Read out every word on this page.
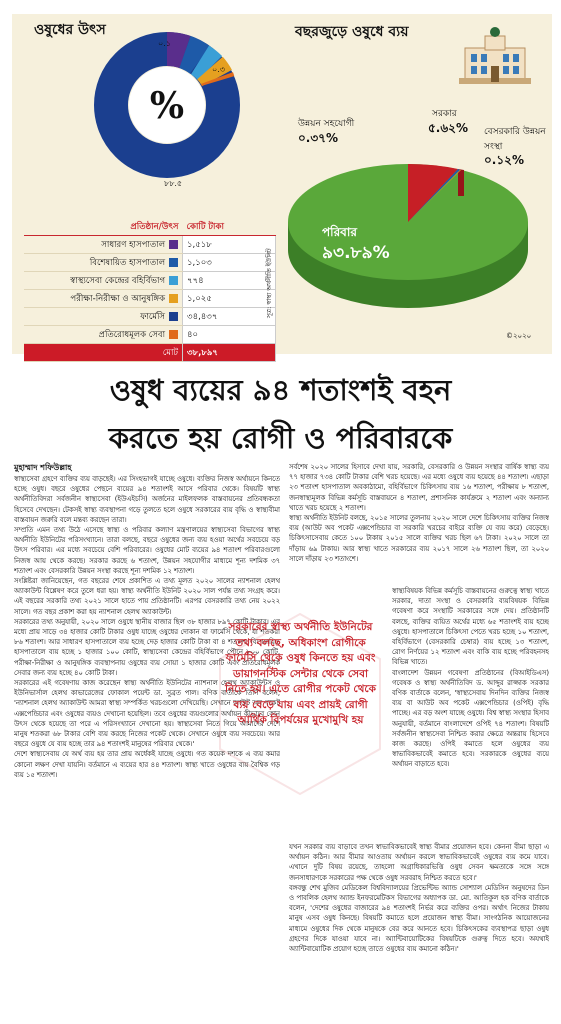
ওষুধের উৎস
%
০.১
০.৩
৮৮.৫
প্রতিষ্ঠান/উৎস	কোটি টাকা
সাধারণ হাসপাতাল	১,৫১৮
বিশেষায়িত হাসপাতাল	১,১০৩
স্বাস্থ্যসেবা কেন্দ্রের বহির্বিভাগ	৭৭৪
পরীক্ষা-নিরীক্ষা ও আনুষঙ্গিক	১,০২৫
ফার্মেসি	৩৪,৪৩৭
প্রতিরোধমূলক সেবা	৪০
মোট	৩৮,৮৯৭
সূত্র: স্বাস্থ্য অর্থনীতি ইউনিট
বছরজুড়ে ওষুধে ব্যয়
উন্নয়ন সহযোগী
০.৩৭%
সরকার
৫.৬২% বেসরকারি উন্নয়ন সংস্থা
০.১২%
পরিবার
৯৩.৮৯%
©২০২০
ওষুধ ব্যয়ের ৯৪ শতাংশই বহন
করতে হয় রোগী ও পরিবারকে
মুহাম্মাদ শফিউল্লাহ

স্বাস্থ্যসেবা গ্রহণে ব্যক্তির ব্যয় বাড়ছেই। এর সিংহভাগই যাচ্ছে ওষুধে। ব্যক্তির নিজস্ব অর্থায়নে কিনতে হচ্ছে ওষুধ। বছরে ওষুধের পেছনে ব্যয়ের ৯৪ শতাংশই আসে পরিবার থেকে। বিষয়টি স্বাস্থ্য অর্থনীতিবিদরা সর্বজনীন স্বাস্থ্যসেবা (ইউএইচসি) অর্জনের মাইলফলক বাস্তবায়নের প্রতিবন্ধকতা হিসেবে দেখছেন। টেকসই স্বাস্থ্য ব্যবস্থাপনা গড়ে তুলতে হলে ওষুধে সরকারের ব্যয় বৃদ্ধি ও স্বাস্থ্যবীমা বাস্তবায়ন জরুরি বলে মন্তব্য করছেন তারা।

সম্প্রতি এমন তথ্য উঠে এসেছে স্বাস্থ্য ও পরিবার কল্যাণ মন্ত্রণালয়ের স্বাস্থ্যসেবা বিভাগের স্বাস্থ্য অর্থনীতি ইউনিটের পরিসংখ্যানে। তারা বলছে, বছরে ওষুধের জন্য ব্যয় হওয়া অর্থের সবচেয়ে বড় উৎস পরিবার। এর মধ্যে সবচেয়ে বেশি পরিবারের। ওষুধের মোট ব্যয়ের ৯৪ শতাংশ পরিবারগুলো নিজস্ব আয় থেকে করছে। সরকার করছে ৬ শতাংশ, উন্নয়ন সহযোগীর মাধ্যমে শূন্য দশমিক ৩৭ শতাংশ এবং বেসরকারি উন্নয়ন সংস্থা করছে শূন্য দশমিক ১২ শতাংশ।

সংশ্লিষ্টরা জানিয়েছেন, গত বছরের শেষে প্রকাশিত এ তথ্য মূলত ২০২০ সালের ন্যাশনাল হেলথ অ্যাকাউন্ট বিশ্লেষণ করে তুলে ধরা হয়। স্বাস্থ্য অর্থনীতি ইউনিট ২০২০ সাল পর্যন্ত তথ্য সংগ্রহ করে। এই বছরের সরকারি তথ্য ২০২১ সালে হাতে পায় প্রতিষ্ঠানটি। এরপর বেসরকারি তথ্য নেয় ২০২২ সালে। গত বছর প্রকাশ করা হয় ন্যাশনাল হেলথ অ্যাকাউন্ট।

সরকারের তথ্য অনুযায়ী, ২০২০ সালে ওষুধে স্থানীয় বাজার ছিল ৩৮ হাজার ৮৯৭ কোটি টাকার। এর মধ্যে প্রায় সাড়ে ৩৪ হাজার কোটি টাকার ওষুধ যাচ্ছে ওষুধের দোকান বা ফার্মেসি থেকে, যা শতকরা ৮৬ শতাংশ। আর সাধারণ হাসপাতালে ব্যয় হচ্ছে দেড় হাজার কোটি টাকা বা ৪ শতাংশ, বিশেষায়িত হাসপাতালে ব্যয় হচ্ছে ১ হাজার ১০০ কোটি, স্বাস্থ্যসেবা কেন্দ্রের বহির্বিভাগে পৌনে ৮০০ কোটি, পরীক্ষা-নিরীক্ষা ও আনুষঙ্গিক ব্যবস্থাপনায় ওষুধের ব্যয় সোয়া ১ হাজার কোটি এবং প্রতিরোধমূলক সেবার জন্য ব্যয় হচ্ছে ৪০ কোটি টাকা।

সরকারের এই গবেষণায় কাজ করেছেন স্বাস্থ্য অর্থনীতি ইউনিটের ন্যাশনাল হেলথ অ্যাকাউন্টস ও ইউনিভার্সাল হেলথ কাভারেজের ফোকাল পয়েন্ট ডা. সুব্রত পাল। বণিক বার্তাকে তিনি বলেন, 'ন্যাশনাল হেলথ অ্যাকাউন্ট আমরা স্বাস্থ্য সম্পর্কিত খরচগুলো দেখিয়েছি। সেখানে আউট অব পকেট এক্সপেন্ডিচার এবং ওষুধের ব্যয়ও দেখানো হয়েছিল। তবে ওষুধের ব্যয়গুলোর অর্থায়ন কীভাবে কোন উৎস থেকে হয়েছে তা পরে এ পরিসংখ্যানে দেখানো হয়। স্বাস্থ্যসেবা নিতে গিয়ে আমাদের দেশে মানুষ শতকরা ৬৮ টাকার বেশি ব্যয় করছে নিজের পকেট থেকে। সেখানে ওষুধে ব্যয় সবচেয়ে। আর বছরে ওষুধে যে ব্যয় হচ্ছে তার ৯৪ শতাংশই মানুষের পরিবার থেকে।'

দেশে স্বাস্থ্যসেবায় যে অর্থ ব্যয় হয় তার প্রায় অর্ধেকই যাচ্ছে ওষুধে। গত কয়েক দশকে এ ব্যয় কমার কোনো লক্ষণ দেখা যায়নি। বর্তমানে এ ব্যয়ের হার ৪৪ শতাংশ। স্বাস্থ্য খাতে ওষুধের ব্যয় বৈশ্বিক গড় ব্যয় ১৫ শতাংশ।

সর্বশেষ ২০২০ সালের হিসাবে দেখা যায়, সরকারি, বেসরকারি ও উন্নয়ন সংস্থার বার্ষিক স্বাস্থ্য ব্যয় ৭৭ হাজার ৭৩৪ কোটি টাকার বেশি খরচ হয়েছে। এর মধ্যে ওষুধে ব্যয় হয়েছে ৪৪ শতাংশ। এছাড়া ২৩ শতাংশ হাসপাতাল অবকাঠামো, বহির্বিভাগে চিকিৎসায় ব্যয় ১৬ শতাংশ, পরীক্ষায় ৮ শতাংশ, জনস্বাস্থ্যমূলক বিভিন্ন কর্মসূচি বাস্তবায়নে ৪ শতাংশ, প্রশাসনিক কার্যক্রমে ২ শতাংশ এবং অন্যান্য খাতে খরচ হয়েছে ২ শতাংশ।

স্বাস্থ্য অর্থনীতি ইউনিট বলছে, ২০১৫ সালের তুলনায় ২০২০ সালে দেশে চিকিৎসায় ব্যক্তির নিজস্ব ব্যয় (আউট অব পকেট এক্সপেন্ডিচার বা সরকারি খরচের বাইরে ব্যক্তি যে ব্যয় করে) বেড়েছে। চিকিৎসাসেবায় কেতে ১০০ টাকায় ২০১৫ সালে ব্যক্তির খরচ ছিল ৬৭ টাকা। ২০২০ সালে তা দাঁড়ায় ৬৯ টাকায়। আর স্বাস্থ্য খাতে সরকারের ব্যয় ২০১৭ সালে ২৬ শতাংশ ছিল, তা ২০২০ সালে দাঁড়ায় ২৩ শতাংশে।

সরকারের স্বাস্থ্য অর্থনীতি ইউনিটের তথ্য বলছে, অধিকাংশ রোগীকে ফার্মেসি থেকে ওষুধ কিনতে হয় এবং ডায়াগনস্টিক সেন্টার থেকে সেবা নিতে হয়। এতে রোগীর পকেট থেকে ব্যয় বেড়ে যায় এবং প্রায়ই রোগী আর্থিক বিপর্যয়ের মুখোমুখি হয়

স্বাস্থ্যবিষয়ক বিভিন্ন কর্মসূচি বাস্তবায়নের গুরুত্বে স্বাস্থ্য খাতে সরকার, দাতা সংস্থা ও বেসরকারি ব্যয়বিষয়ক বিভিন্ন গবেষণা করে সংস্থাটি সরকারের সঙ্গে দেয়। প্রতিষ্ঠানটি বলছে, ব্যক্তির ব্যয়িত অর্থের মধ্যে ৬৫ শতাংশই ব্যয় হচ্ছে ওষুধে। হাসপাতালে চিকিৎসা পেতে খরচ হচ্ছে ১০ শতাংশ, বহির্বিভাগে (বেসরকারি চেম্বার) ব্যয় হচ্ছে ১৩ শতাংশ, রোগ নির্ণয়ের ১২ শতাংশ এবং বাকি ব্যয় হচ্ছে পরিবহনসহ বিভিন্ন খাতে।

বাংলাদেশ উন্নয়ন গবেষণা প্রতিষ্ঠানের (বিআইডিএস) গবেষক ও স্বাস্থ্য অর্থনীতিবিদ ড. আব্দুর রাজ্জাক সরকার বণিক বার্তাকে বলেন, 'স্বাস্থ্যসেবায় দিনদিন ব্যক্তির নিজস্ব ব্যয় বা আউট অব পকেট এক্সপেন্ডিচার (ওপিই) বৃদ্ধি পাচ্ছে। এর বড় অংশ যাচ্ছে ওষুধে। বিশ্ব স্বাস্থ্য সংস্থার হিসাব অনুযায়ী, বর্তমানে বাংলাদেশে ওপিই ৭৪ শতাংশ। বিষয়টি সর্বজনীন স্বাস্থ্যসেবা নিশ্চিত করার ক্ষেত্রে অন্তরায় হিসেবে কাজ করছে। ওপিই কমাতে হলে ওষুধের ব্যয় স্বাভাবিকভাবেই কমাতে হবে। সরকারকে ওষুধের ব্যয়ে অর্থায়ন বাড়াতে হবে।

যখন সরকার ব্যয় বাড়াবে তখন স্বাভাবিকভাবেই স্বাস্থ্য বীমার প্রয়োজন হবে। কেননা বীমা ছাড়া এ অর্থায়ন কঠিন। আর বীমার আওতায় অর্থায়ন করলে স্বাভাবিকভাবেই ওষুধের ব্যয় কমে যাবে। এখানে দুটি বিষয় রয়েছে, তাহলো অগ্রাধিকারভিত্তি ওষুধ সেবন ক্ষমতাকে সঙ্গে সঙ্গে জনসাধারণকে সরকারের পক্ষ থেকে ওষুধ সরবরাহ নিশ্চিত করতে হবে।'

বঙ্গবন্ধু শেখ মুজিব মেডিকেল বিশ্ববিদ্যালয়ের প্রিভেন্টিভ অ্যান্ড সোশ্যাল মেডিসিন অনুষদের ডিন ও পাবলিক হেলথ অ্যান্ড ইনফরমেটিকস বিভাগের অধ্যাপক ডা. মো. আতিকুল হক বণিক বার্তাকে বলেন, 'দেশের ওষুধের বাজারের ৯৪ শতাংশই নির্ভর করে ব্যক্তির ওপর। অর্থাৎ নিজের টাকায় মানুষ এসব ওষুধ কিনছে। বিষয়টি কমাতে হলে প্রয়োজন স্বাস্থ্য বীমা। সাংগঠনিক আয়োজনের মাধ্যমে ওষুধের দিক থেকে মানুষকে বের করে আনতে হবে। চিকিৎসকের ব্যবস্থাপত্র ছাড়া ওষুধ গ্রহণের দিকে যাওয়া যাবে না। অ্যান্টিবায়োটিকের বিষয়টিকে গুরুত্ব দিতে হবে। অযথাই অ্যান্টিবায়োটিক প্রয়োগ হচ্ছে তাতে ওষুধের ব্যয় কমানো কঠিন।'
